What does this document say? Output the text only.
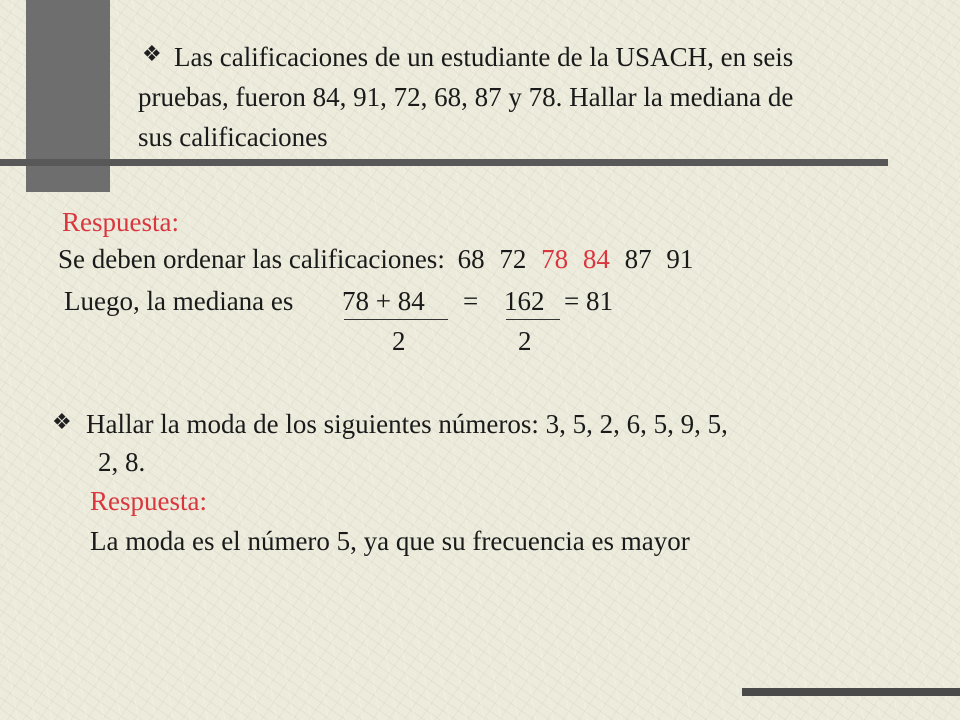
❖ Las calificaciones de un estudiante de la USACH, en seis
pruebas, fueron 84, 91, 72, 68, 87 y 78. Hallar la mediana de
sus calificaciones
Respuesta:
Se deben ordenar las calificaciones: 68 72 78 84 87 91
Luego, la mediana es 78 + 84 = 162 = 81
2	2
❖ Hallar la moda de los siguientes números: 3, 5, 2, 6, 5, 9, 5,
2, 8.
Respuesta:
La moda es el número 5, ya que su frecuencia es mayor
